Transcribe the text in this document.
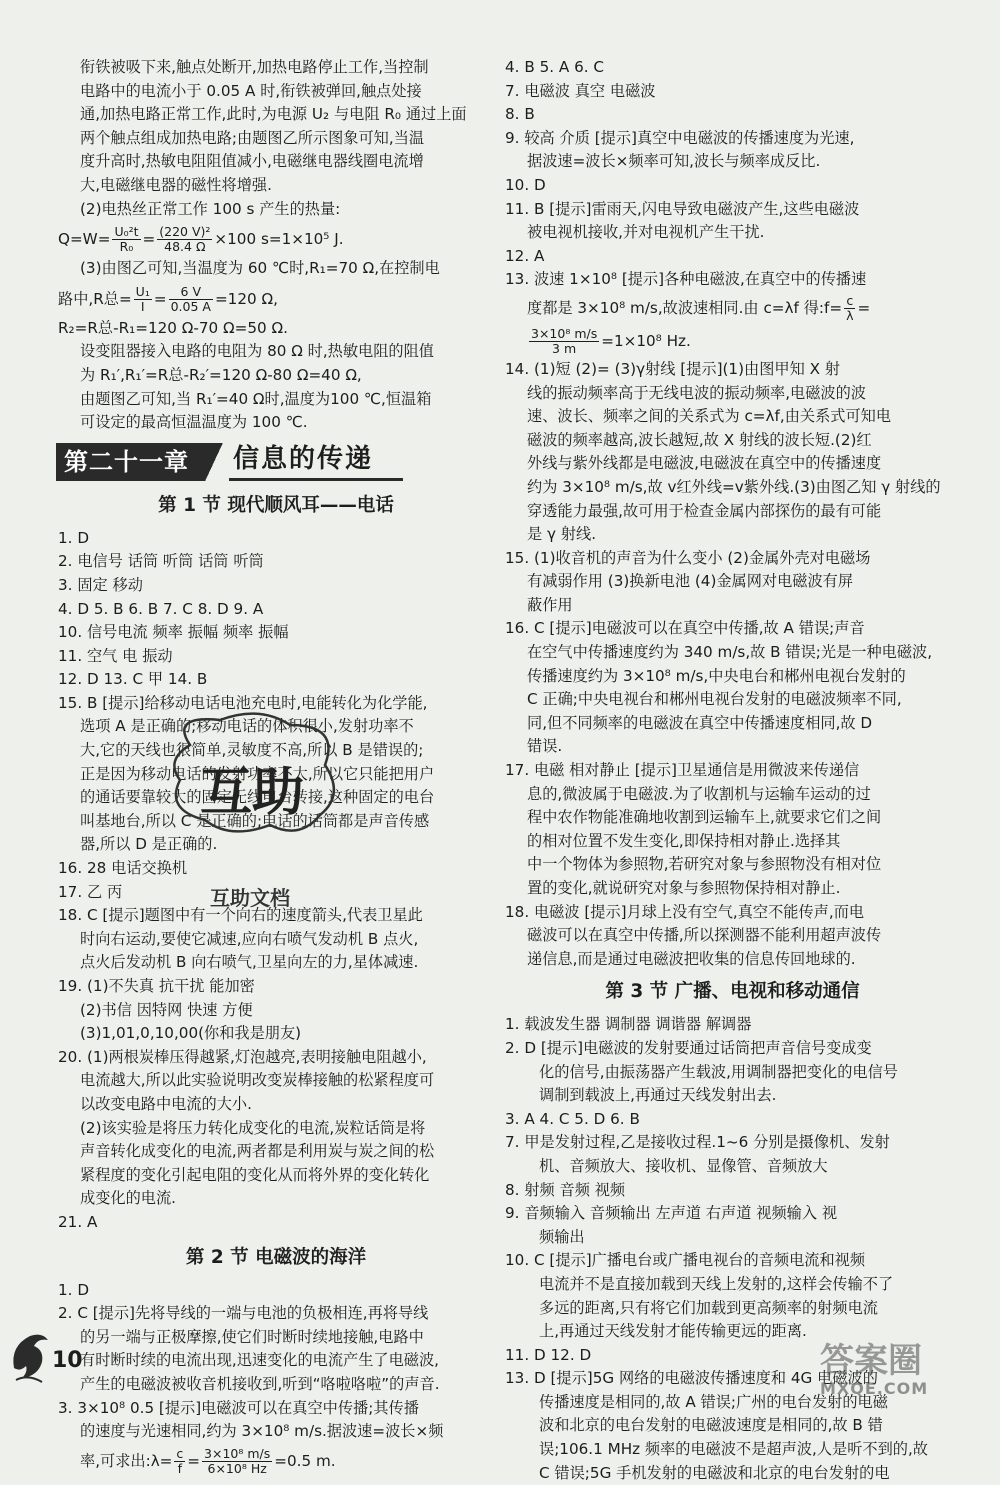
衔铁被吸下来,触点处断开,加热电路停止工作,当控制
电路中的电流小于 0.05 A 时,衔铁被弹回,触点处接
通,加热电路正常工作,此时,为电源 U₂ 与电阻 R₀ 通过上面
两个触点组成加热电路;由题图乙所示图象可知,当温
度升高时,热敏电阻阻值减小,电磁继电器线圈电流增
大,电磁继电器的磁性将增强.
(2)电热丝正常工作 100 s 产生的热量:
$Q=W= \frac{\text{U₀²t}}{\text{R₀}} = \frac{\text{(220 V)²}}{48.4 \Omega} \times 100$ s=1×10⁵ J.
(3)由图乙可知,当温度为 60 ℃时,R₁=70 Ω,在控制电
路中,R总= $\frac{\text{U₁}}{I} = \frac{6 V}{0.05 A} =120$ Ω,
R₂=R总-R₁=120 Ω-70 Ω=50 Ω.
设变阻器接入电路的电阻为 80 Ω 时,热敏电阻的阻值
为 R₁′,R₁′=R总-R₂′=120 Ω-80 Ω=40 Ω,
由题图乙可知,当 R₁′=40 Ω时,温度为100 ℃,恒温箱
可设定的最高恒温温度为 100 ℃.
第二十一章	信息的传递
第 1 节 现代顺风耳——电话
1. D
2. 电信号 话筒 听筒 话筒 听筒
3. 固定 移动
4. D 5. B 6. B 7. C 8. D 9. A
10. 信号电流 频率 振幅 频率 振幅
11. 空气 电 振动
12. D 13. C 甲 14. B
15. B [提示]给移动电话电池充电时,电能转化为化学能,
选项 A 是正确的;移动电话的体积很小,发射功率不
大,它的天线也很简单,灵敏度不高,所以 B 是错误的;
正是因为移动电话的发射功率不大,所以它只能把用户
的通话要靠较大的固定无线电台转接,这种固定的电台
叫基地台,所以 C 是正确的;电话的话筒都是声音传感
器,所以 D 是正确的.
16. 28 电话交换机
17. 乙 丙
18. C [提示]题图中有一个向右的速度箭头,代表卫星此
时向右运动,要使它减速,应向右喷气发动机 B 点火,
点火后发动机 B 向右喷气,卫星向左的力,星体减速.
19. (1)不失真 抗干扰 能加密
(2)书信 因特网 快速 方便
(3)1,01,0,10,00(你和我是朋友)
20. (1)两根炭棒压得越紧,灯泡越亮,表明接触电阻越小,
电流越大,所以此实验说明改变炭棒接触的松紧程度可
以改变电路中电流的大小.
(2)该实验是将压力转化成变化的电流,炭粒话筒是将
声音转化成变化的电流,两者都是利用炭与炭之间的松
紧程度的变化引起电阻的变化从而将外界的变化转化
成变化的电流.
21. A
第 2 节 电磁波的海洋
1. D
2. C [提示]先将导线的一端与电池的负极相连,再将导线
的另一端与正极摩擦,使它们时断时续地接触,电路中
有时断时续的电流出现,迅速变化的电流产生了电磁波,
产生的电磁波被收音机接收到,听到“咯啦咯啦”的声音.
3. 3×10⁸ 0.5 [提示]电磁波可以在真空中传播;其传播
的速度与光速相同,约为 3×10⁸ m/s.据波速=波长×频
率,可求出:λ= $\frac{c}{f} = \frac{\text{3×10⁸ m/s}}{\text{6×10⁸ Hz}} =0.5$ m.
4. B 5. A 6. C
7. 电磁波 真空 电磁波
8. B
9. 较高 介质 [提示]真空中电磁波的传播速度为光速,
据波速=波长×频率可知,波长与频率成反比.
10. D
11. B [提示]雷雨天,闪电导致电磁波产生,这些电磁波
被电视机接收,并对电视机产生干扰.
12. A
13. 波速 1×10⁸ [提示]各种电磁波,在真空中的传播速
度都是 3×10⁸ m/s,故波速相同.由 c=λf 得:f= $\frac{c}{\lambda}$ =
$\frac{\text{3×10⁸ m/s}}{3 m} =1\times 10^8$ Hz.
14. (1)短 (2)= (3)γ射线 [提示](1)由图甲知 X 射
线的振动频率高于无线电波的振动频率,电磁波的波
速、波长、频率之间的关系式为 c=λf,由关系式可知电
磁波的频率越高,波长越短,故 X 射线的波长短.(2)红
外线与紫外线都是电磁波,电磁波在真空中的传播速度
约为 3×10⁸ m/s,故 v红外线=v紫外线.(3)由图乙知 γ 射线的
穿透能力最强,故可用于检查金属内部探伤的最有可能
是 γ 射线.
15. (1)收音机的声音为什么变小 (2)金属外壳对电磁场
有减弱作用 (3)换新电池 (4)金属网对电磁波有屏
蔽作用
16. C [提示]电磁波可以在真空中传播,故 A 错误;声音
在空气中传播速度约为 340 m/s,故 B 错误;光是一种电磁波,
传播速度约为 3×10⁸ m/s,中央电台和郴州电视台发射的
C 正确;中央电视台和郴州电视台发射的电磁波频率不同,
同,但不同频率的电磁波在真空中传播速度相同,故 D
错误.
17. 电磁 相对静止 [提示]卫星通信是用微波来传递信
息的,微波属于电磁波.为了收割机与运输车运动的过
程中农作物能准确地收割到运输车上,就要求它们之间
的相对位置不发生变化,即保持相对静止.选择其
中一个物体为参照物,若研究对象与参照物没有相对位
置的变化,就说研究对象与参照物保持相对静止.
18. 电磁波 [提示]月球上没有空气,真空不能传声,而电
磁波可以在真空中传播,所以探测器不能利用超声波传
递信息,而是通过电磁波把收集的信息传回地球的.
第 3 节 广播、电视和移动通信
1. 载波发生器 调制器 调谐器 解调器
2. D [提示]电磁波的发射要通过话筒把声音信号变成变
化的信号,由振荡器产生载波,用调制器把变化的电信号
调制到载波上,再通过天线发射出去.
3. A 4. C 5. D 6. B
7. 甲是发射过程,乙是接收过程.1~6 分别是摄像机、发射
机、音频放大、接收机、显像管、音频放大
8. 射频 音频 视频
9. 音频输入 音频输出 左声道 右声道 视频输入 视
频输出
10. C [提示]广播电台或广播电视台的音频电流和视频
电流并不是直接加载到天线上发射的,这样会传输不了
多远的距离,只有将它们加载到更高频率的射频电流
上,再通过天线发射才能传输更远的距离.
11. D 12. D
13. D [提示]5G 网络的电磁波传播速度和 4G 电磁波的
传播速度是相同的,故 A 错误;广州的电台发射的电磁
波和北京的电台发射的电磁波速度是相同的,故 B 错
误;106.1 MHz 频率的电磁波不是超声波,人是听不到的,故
C 错误;5G 手机发射的电磁波和北京的电台发射的电
互助
互助文档
10	答案圈
MXQE.COM
